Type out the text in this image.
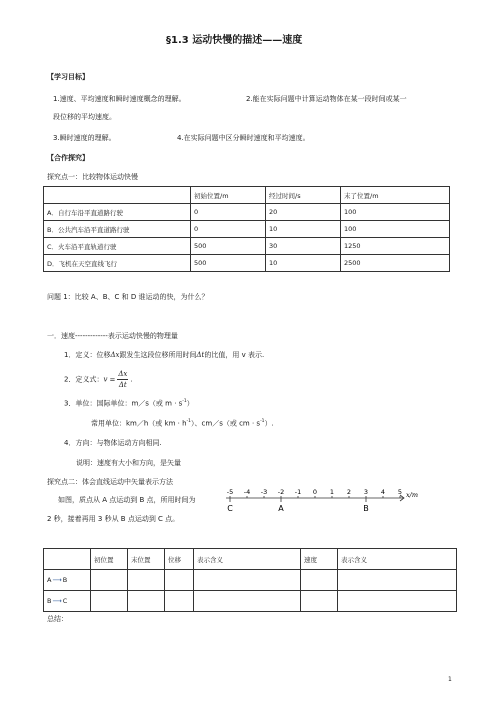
§1.3 运动快慢的描述——速度
【学习目标】
1.速度、平均速度和瞬时速度概念的理解。	2.能在实际问题中计算运动物体在某一段时间或某一
段位移的平均速度。
3.瞬时速度的理解。	4.在实际问题中区分瞬时速度和平均速度。
【合作探究】
探究点一：比较物体运动快慢
	初始位置/m	经过时间/s	末了位置/m
A．自行车沿平直道路行驶	0	20	100
B．公共汽车沿平直道路行驶	0	10	100
C．火车沿平直轨道行驶	500	30	1250
D．飞机在天空直线飞行	500	10	2500
问题 1：比较 A、B、C 和 D 谁运动的快，为什么？
一．速度-------------表示运动快慢的物理量
1．定义：位移Δx跟发生这段位移所用时间Δt的比值，用 v 表示.
2．定义式：$v = \frac{\Delta x}{\Delta t}$ .
3．单位：国际单位：m／s（或 $m \cdot s^{-1}$）
常用单位：km／h（或 km · $h^{-1}$）、cm／s（或 cm · $s^{-1}$）.
4．方向：与物体运动方向相同.
说明：速度有大小和方向，是矢量
探究点二：体会直线运动中矢量表示方法
如图，质点从 A 点运动到 B 点，所用时间为
2 秒，接着再用 3 秒从 B 点运动到 C 点。
-5 -4 -3 -2 -1 0 1 2 3 4 5
C	A	B
x/m
	初位置	末位置	位移	表示含义	速度	表示含义
A⟶B						
B⟶C						
总结：
1
